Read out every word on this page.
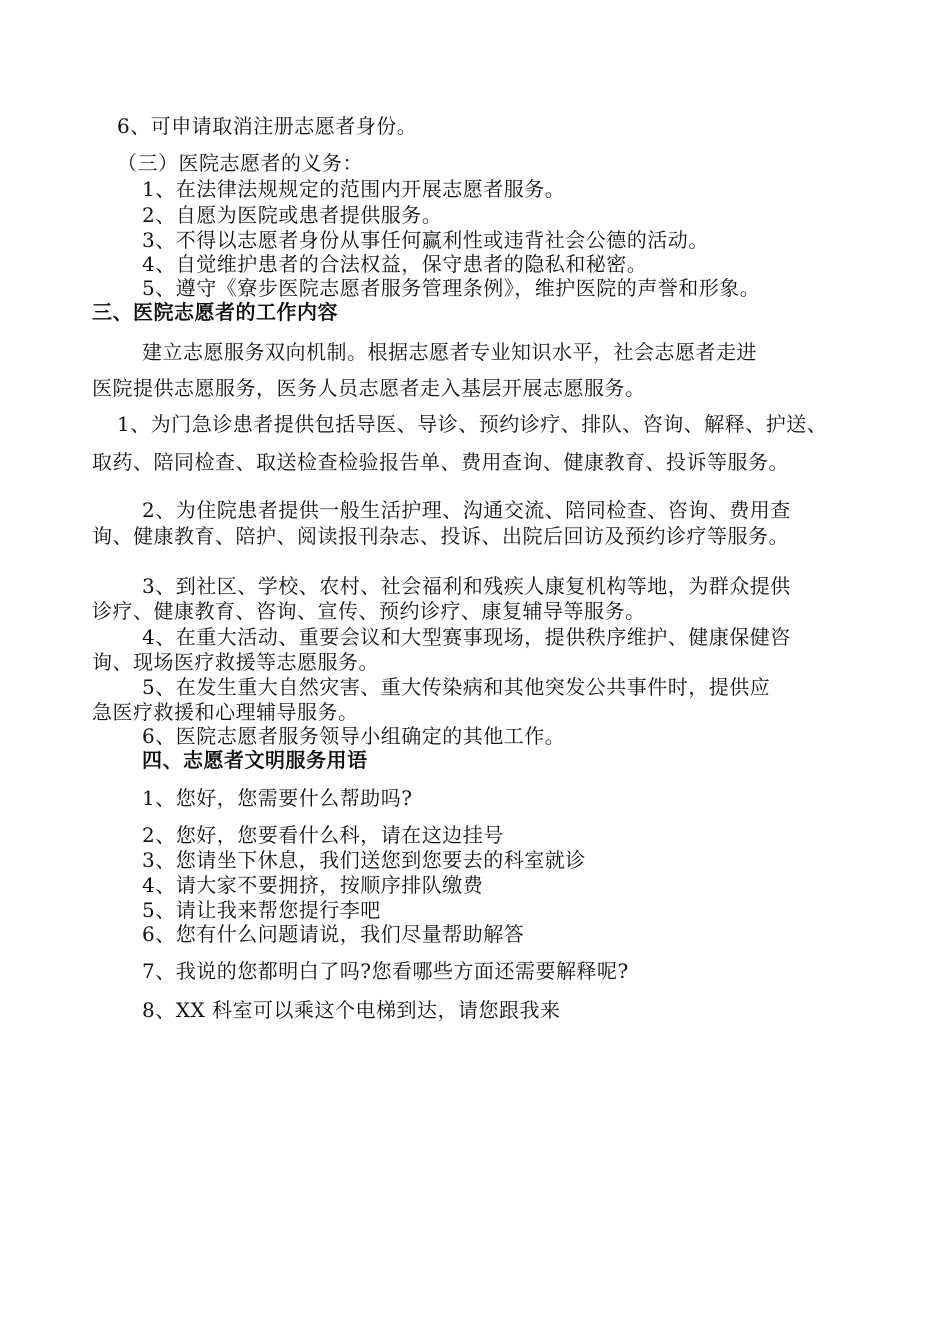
6、可申请取消注册志愿者身份。
（三）医院志愿者的义务：
1、在法律法规规定的范围内开展志愿者服务。
2、自愿为医院或患者提供服务。
3、不得以志愿者身份从事任何赢利性或违背社会公德的活动。
4、自觉维护患者的合法权益，保守患者的隐私和秘密。
5、遵守《寮步医院志愿者服务管理条例》，维护医院的声誉和形象。
三、医院志愿者的工作内容
建立志愿服务双向机制。根据志愿者专业知识水平，社会志愿者走进
医院提供志愿服务，医务人员志愿者走入基层开展志愿服务。
1、为门急诊患者提供包括导医、导诊、预约诊疗、排队、咨询、解释、护送、
取药、陪同检查、取送检查检验报告单、费用查询、健康教育、投诉等服务。
2、为住院患者提供一般生活护理、沟通交流、陪同检查、咨询、费用查
询、健康教育、陪护、阅读报刊杂志、投诉、出院后回访及预约诊疗等服务。
3、到社区、学校、农村、社会福利和残疾人康复机构等地，为群众提供
诊疗、健康教育、咨询、宣传、预约诊疗、康复辅导等服务。
4、在重大活动、重要会议和大型赛事现场，提供秩序维护、健康保健咨
询、现场医疗救援等志愿服务。
5、在发生重大自然灾害、重大传染病和其他突发公共事件时，提供应
急医疗救援和心理辅导服务。
6、医院志愿者服务领导小组确定的其他工作。
四、志愿者文明服务用语
1、您好，您需要什么帮助吗?
2、您好，您要看什么科，请在这边挂号
3、您请坐下休息，我们送您到您要去的科室就诊
4、请大家不要拥挤，按顺序排队缴费
5、请让我来帮您提行李吧
6、您有什么问题请说，我们尽量帮助解答
7、我说的您都明白了吗?您看哪些方面还需要解释呢?
8、XX 科室可以乘这个电梯到达，请您跟我来
